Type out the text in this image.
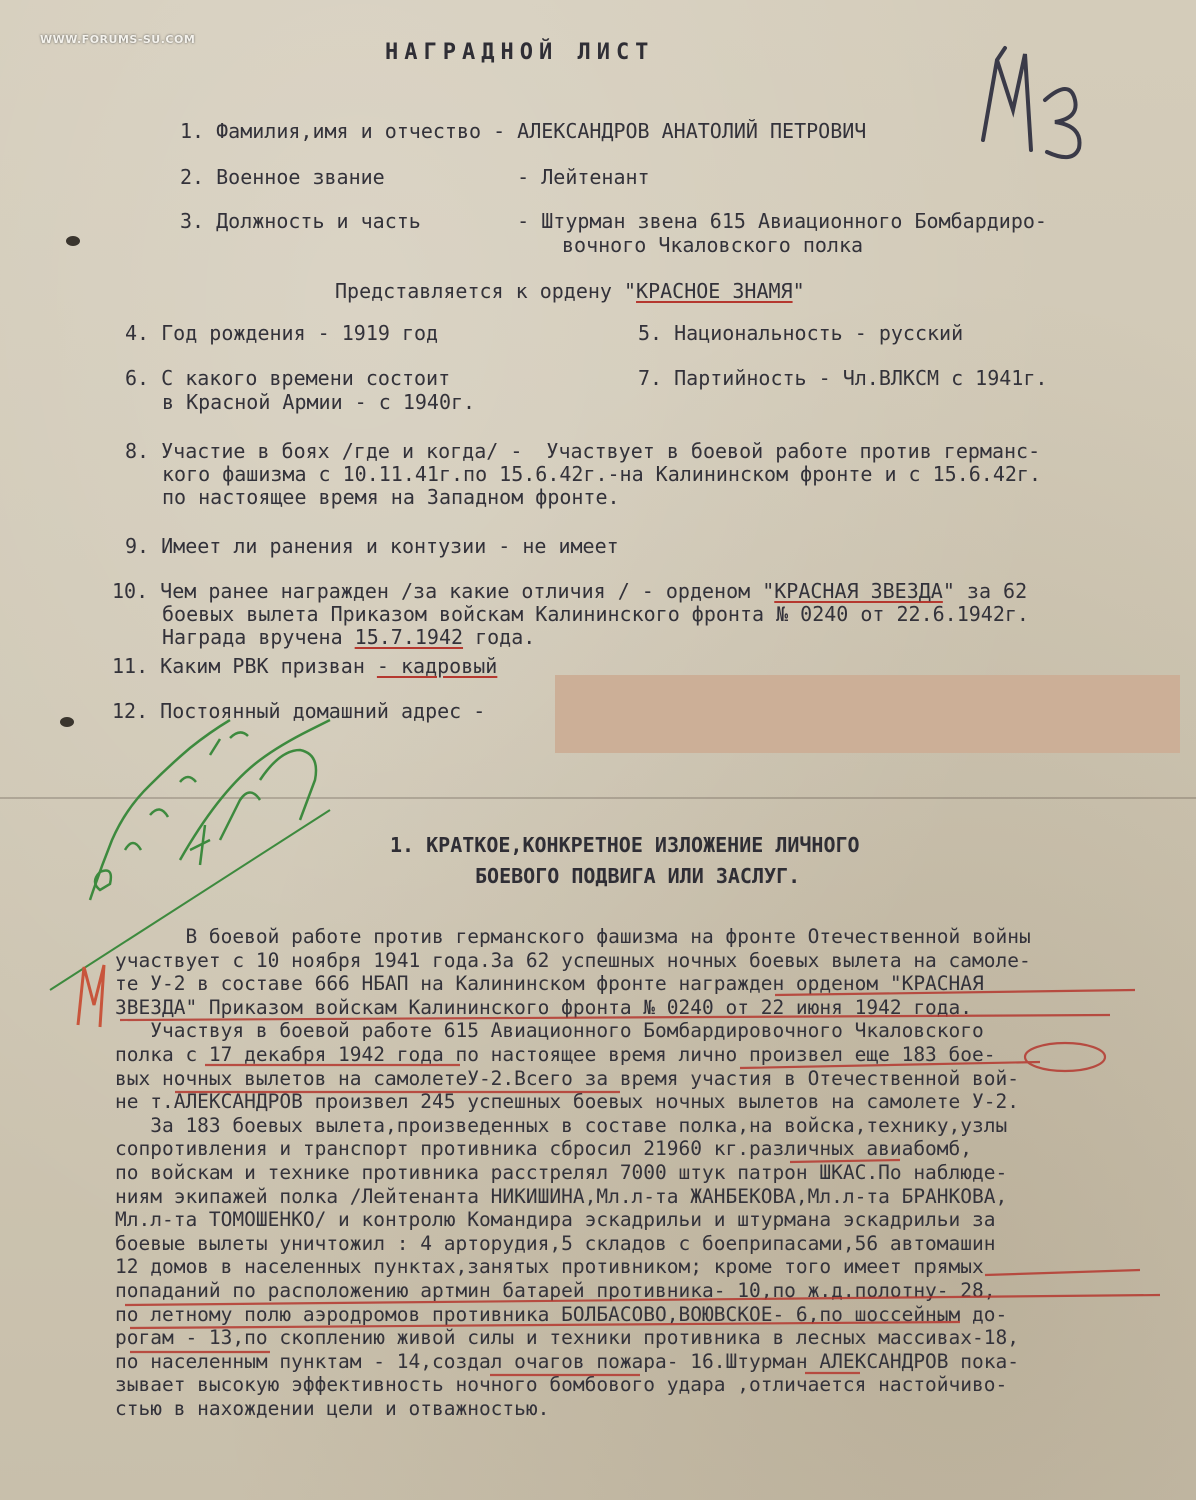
WWW.FORUMS-SU.COM
НАГРАДНОЙ ЛИСТ
1. Фамилия,имя и отчество - АЛЕКСАНДРОВ АНАТОЛИЙ ПЕТРОВИЧ
2. Военное звание           - Лейтенант
3. Должность и часть        - Штурман звена 615 Авиационного Бомбардиро-
вочного Чкаловского полка
Представляется к ордену "КРАСНОЕ ЗНАМЯ"
4. Год рождения - 1919 год	5. Национальность - русский
6. С какого времени состоит
в Красной Армии - с 1940г.
7. Партийность - Чл.ВЛКСМ с 1941г.
8. Участие в боях /где и когда/ -  Участвует в боевой работе против германс-
кого фашизма с 10.11.41г.по 15.6.42г.-на Калининском фронте и с 15.6.42г.
по настоящее время на Западном фронте.
9. Имеет ли ранения и контузии - не имеет
10. Чем ранее награжден /за какие отличия / - орденом "КРАСНАЯ ЗВЕЗДА" за 62
боевых вылета Приказом войскам Калининского фронта № 0240 от 22.6.1942г.
Награда вручена 15.7.1942 года.
11. Каким РВК призван - кадровый
12. Постоянный домашний адрес -
1. КРАТКОЕ,КОНКРЕТНОЕ ИЗЛОЖЕНИЕ ЛИЧНОГО
БОЕВОГО ПОДВИГА ИЛИ ЗАСЛУГ.
В боевой работе против германского фашизма на фронте Отечественной войны
участвует с 10 ноября 1941 года.За 62 успешных ночных боевых вылета на самоле-
те У-2 в составе 666 НБАП на Калининском фронте награжден орденом "КРАСНАЯ
ЗВЕЗДА" Приказом войскам Калининского фронта № 0240 от 22 июня 1942 года.
Участвуя в боевой работе 615 Авиационного Бомбардировочного Чкаловского
полка с 17 декабря 1942 года по настоящее время лично произвел еще 183 бое-
вых ночных вылетов на самолетеУ-2.Всего за время участия в Отечественной вой-
не т.АЛЕКСАНДРОВ произвел 245 успешных боевых ночных вылетов на самолете У-2.
За 183 боевых вылета,произведенных в составе полка,на войска,технику,узлы
сопротивления и транспорт противника сбросил 21960 кг.различных авиабомб,
по войскам и технике противника расстрелял 7000 штук патрон ШКАС.По наблюде-
ниям экипажей полка /Лейтенанта НИКИШИНА,Мл.л-та ЖАНБЕКОВА,Мл.л-та БРАНКОВА,
Мл.л-та ТОМОШЕНКО/ и контролю Командира эскадрильи и штурмана эскадрильи за
боевые вылеты уничтожил : 4 арторудия,5 складов с боеприпасами,56 автомашин
12 домов в населенных пунктах,занятых противником; кроме того имеет прямых
попаданий по расположению артмин батарей противника- 10,по ж.д.полотну- 28,
по летному полю аэродромов противника БОЛБАСОВО,ВОЮВСКОЕ- 6,по шоссейным до-
рогам - 13,по скоплению живой силы и техники противника в лесных массивах-18,
по населенным пунктам - 14,создал очагов пожара- 16.Штурман АЛЕКСАНДРОВ пока-
зывает высокую эффективность ночного бомбового удара ,отличается настойчиво-
стью в нахождении цели и отважностью.
